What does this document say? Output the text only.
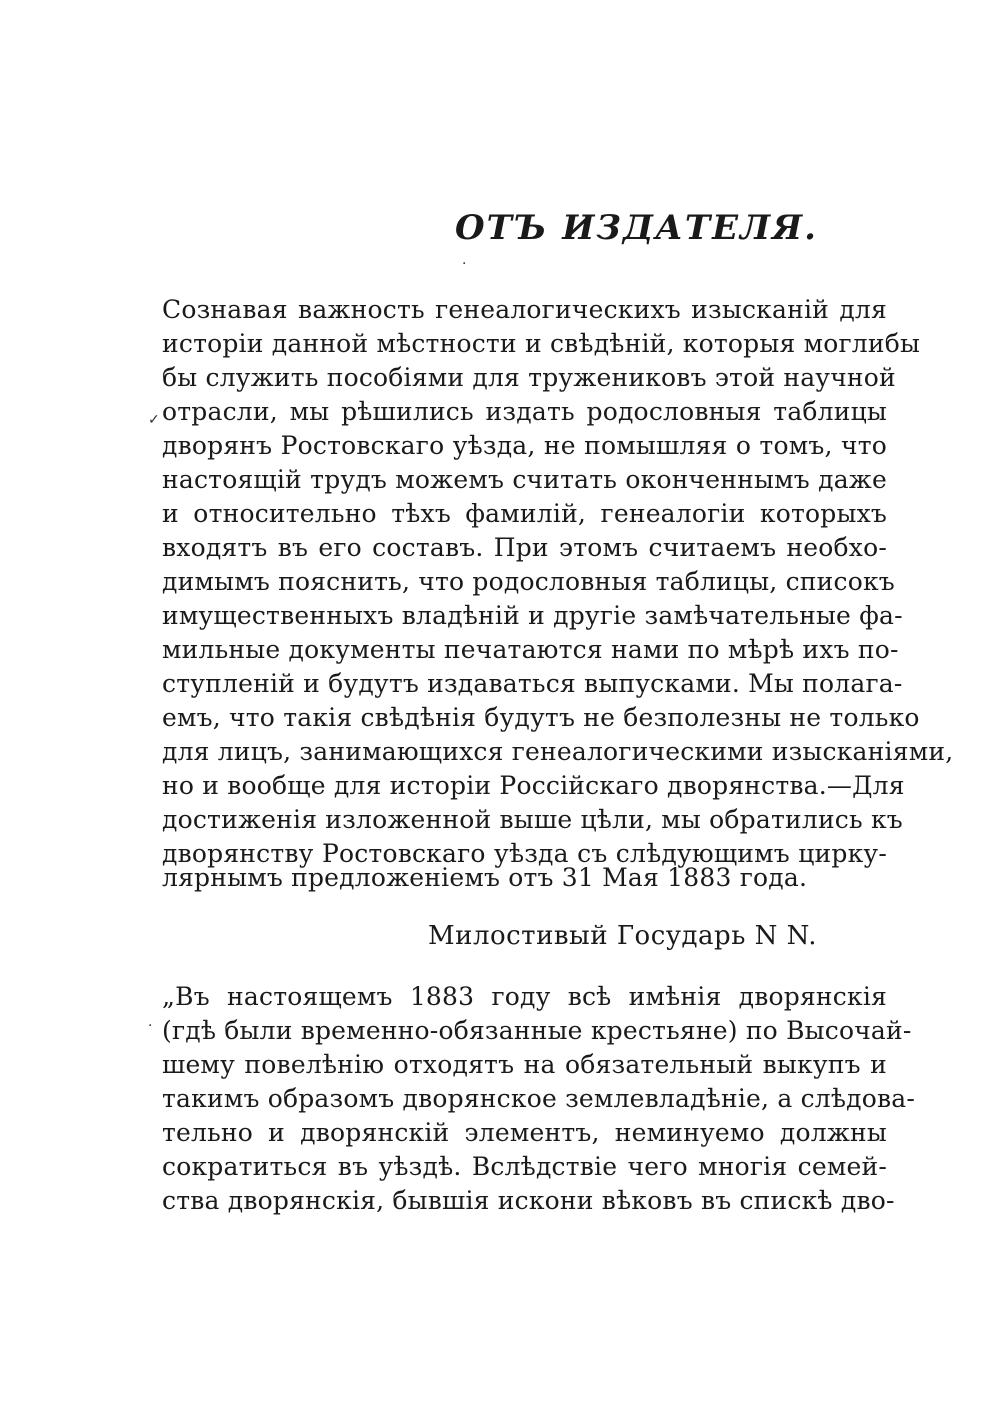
ОТЪ ИЗДАТЕЛЯ.
Сознавая важность генеалогическихъ изысканій для
исторіи данной мѣстности и свѣдѣній, которыя моглибы
бы служить пособіями для тружениковъ этой научной
отрасли, мы рѣшились издать родословныя таблицы
дворянъ Ростовскаго уѣзда, не помышляя о томъ, что
настоящій трудъ можемъ считать оконченнымъ даже
и относительно тѣхъ фамилій, генеалогіи которыхъ
входятъ въ его составъ. При этомъ считаемъ необхо-
димымъ пояснить, что родословныя таблицы, списокъ
имущественныхъ владѣній и другіе замѣчательные фа-
мильные документы печатаются нами по мѣрѣ ихъ по-
ступленій и будутъ издаваться выпусками. Мы полага-
емъ, что такія свѣдѣнія будутъ не безполезны не только
для лицъ, занимающихся генеалогическими изысканіями,
но и вообще для исторіи Россійскаго дворянства.—Для
достиженія изложенной выше цѣли, мы обратились къ
дворянству Ростовскаго уѣзда съ слѣдующимъ цирку-
лярнымъ предложеніемъ отъ 31 Мая 1883 года.
Милостивый Государь N N.
„Въ настоящемъ 1883 году всѣ имѣнія дворянскія
(гдѣ были временно-обязанные крестьяне) по Высочай-
шему повелѣнію отходятъ на обязательный выкупъ и
такимъ образомъ дворянское землевладѣніе, а слѣдова-
тельно и дворянскій элементъ, неминуемо должны
сократиться въ уѣздѣ. Вслѣдствіе чего многія семей-
ства дворянскія, бывшія искони вѣковъ въ спискѣ дво-
·
✓
·
